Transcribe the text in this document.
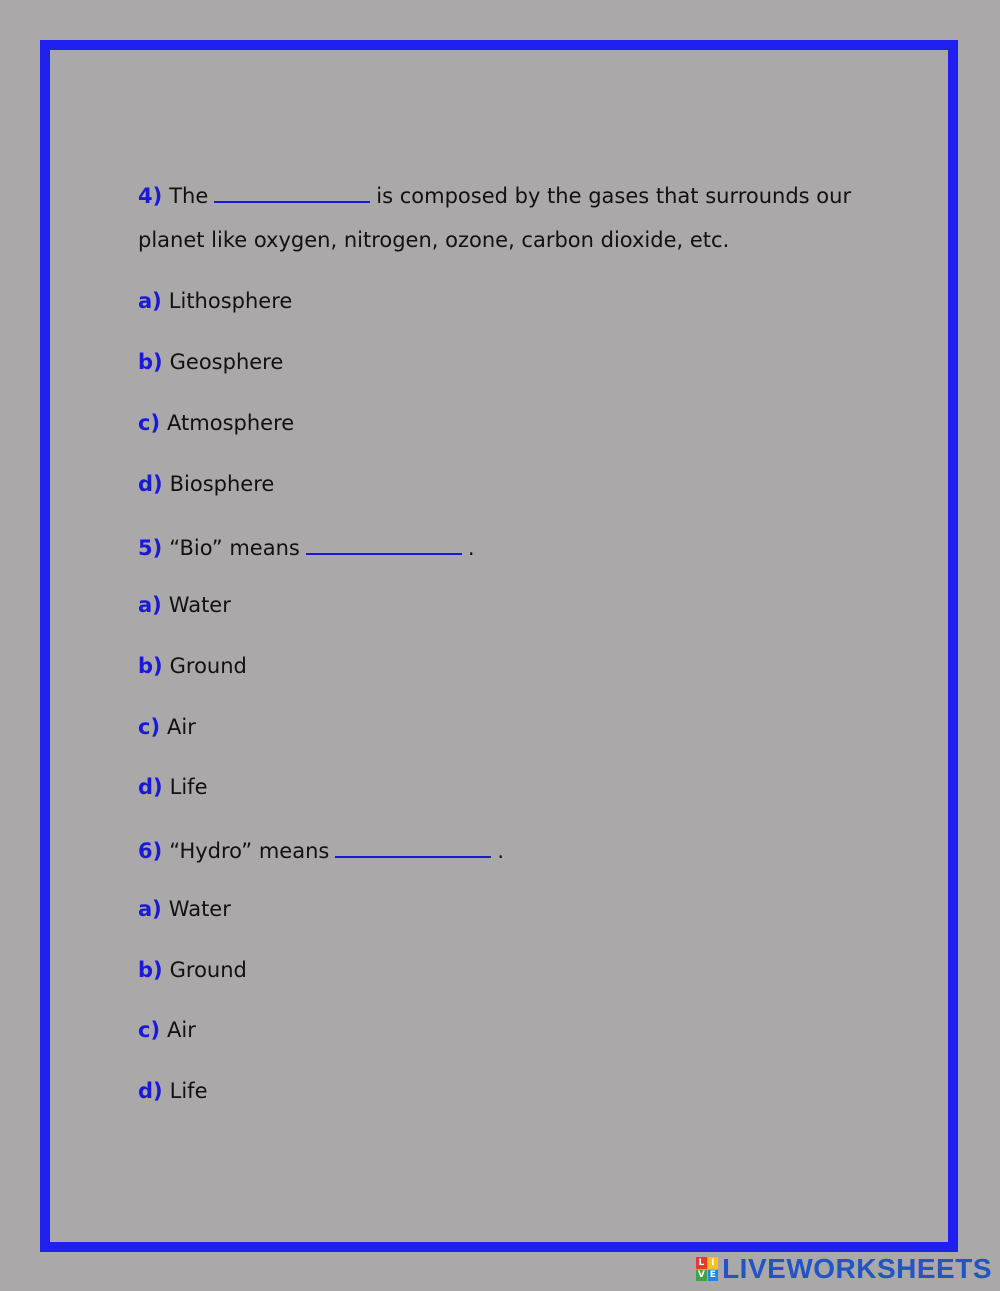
4) The	is composed by the gases that surrounds our
planet like oxygen, nitrogen, ozone, carbon dioxide, etc.
a) Lithosphere
b) Geosphere
c) Atmosphere
d) Biosphere
5) “Bio” means	.
a) Water
b) Ground
c) Air
d) Life
6) “Hydro” means	.
a) Water
b) Ground
c) Air
d) Life
L I
V E LIVEWORKSHEETS
